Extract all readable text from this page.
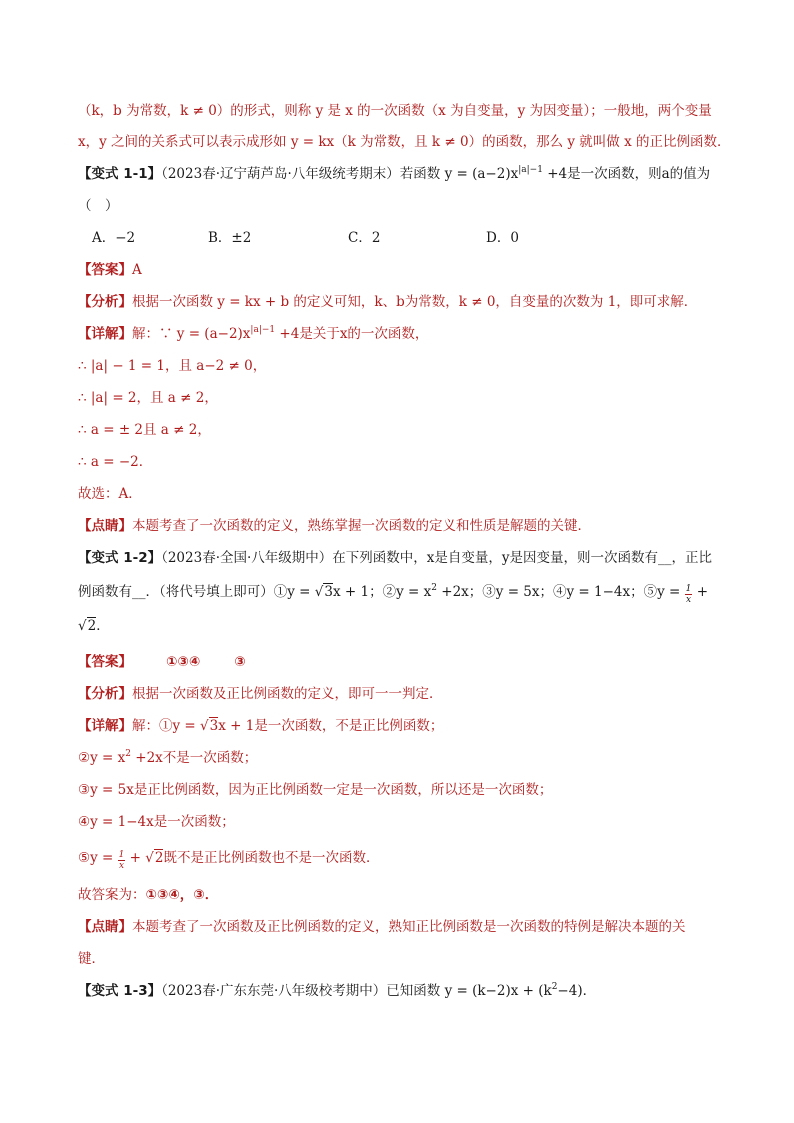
（k，b 为常数，k ≠ 0）的形式，则称 y 是 x 的一次函数（x 为自变量，y 为因变量）；一般地，两个变量
x，y 之间的关系式可以表示成形如 y = kx（k 为常数，且 k ≠ 0）的函数，那么 y 就叫做 x 的正比例函数．
【变式 1-1】（2023春·辽宁葫芦岛·八年级统考期末）若函数 $y = (a-2)x^{|a|-1} +4$是一次函数，则a的值为
（　）
A．−2	B．±2	C．2	D．0
【答案】A
【分析】根据一次函数 y = kx + b 的定义可知，k、b为常数，k ≠ 0，自变量的次数为 1，即可求解．
【详解】解：∵ $y = (a-2)x^{|a|-1} +4$是关于x的一次函数，
∴ |a| − 1 = 1，且 a−2 ≠ 0，
∴ |a| = 2，且 a ≠ 2，
∴ a = ± 2且 a ≠ 2，
∴ a = −2．
故选：A．
【点睛】本题考查了一次函数的定义，熟练掌握一次函数的定义和性质是解题的关键．
【变式 1-2】（2023春·全国·八年级期中）在下列函数中，x是自变量，y是因变量，则一次函数有__，正比
例函数有__．（将代号填上即可）①y = √3x + 1；②y = $x^2 +2x$；③y = 5x；④y = 1−4x；⑤y = $\frac{1}{x}$ +
√2．
【答案】	①③④	③
【分析】根据一次函数及正比例函数的定义，即可一一判定．
【详解】解：①y = √3x + 1是一次函数，不是正比例函数；
②y = $x^2 +2x$不是一次函数；
③y = 5x是正比例函数，因为正比例函数一定是一次函数，所以还是一次函数；
④y = 1−4x是一次函数；
⑤y = $\frac{1}{x} + √2$既不是正比例函数也不是一次函数．
故答案为：①③④，③．
【点睛】本题考查了一次函数及正比例函数的定义，熟知正比例函数是一次函数的特例是解决本题的关
键．
【变式 1-3】（2023春·广东东莞·八年级校考期中）已知函数 $y = (k-2)x + (k^2-4)$．
